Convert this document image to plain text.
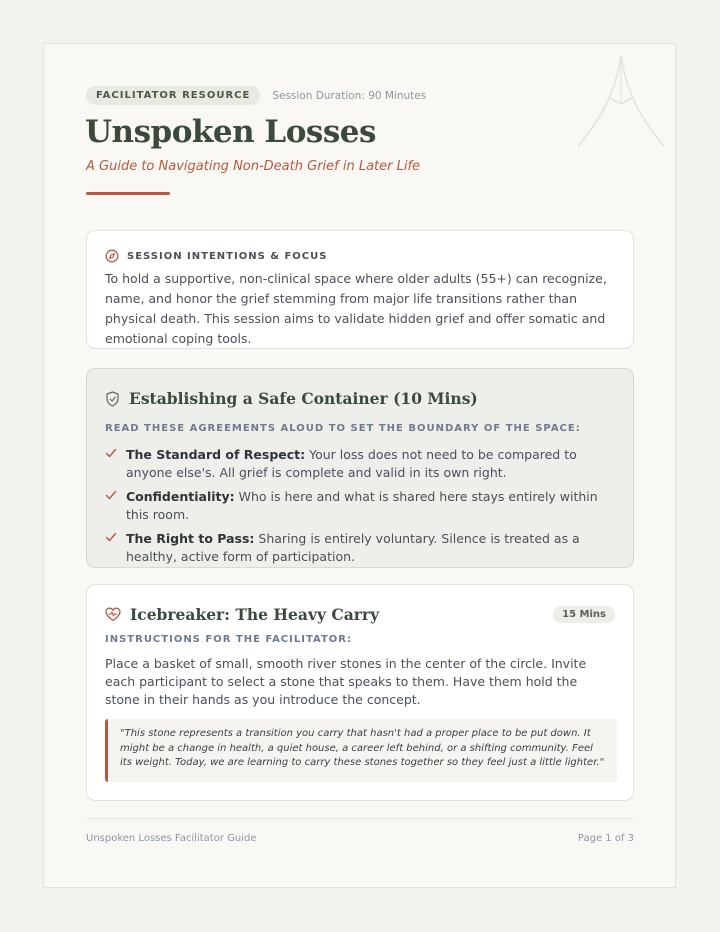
FACILITATOR RESOURCE	Session Duration: 90 Minutes
Unspoken Losses
A Guide to Navigating Non-Death Grief in Later Life
SESSION INTENTIONS & FOCUS
To hold a supportive, non-clinical space where older adults (55+) can recognize, name, and honor the grief stemming from major life transitions rather than physical death. This session aims to validate hidden grief and offer somatic and emotional coping tools.
Establishing a Safe Container (10 Mins)
READ THESE AGREEMENTS ALOUD TO SET THE BOUNDARY OF THE SPACE:
The Standard of Respect: Your loss does not need to be compared to anyone else's. All grief is complete and valid in its own right.
Confidentiality: Who is here and what is shared here stays entirely within this room.
The Right to Pass: Sharing is entirely voluntary. Silence is treated as a healthy, active form of participation.
Icebreaker: The Heavy Carry	15 Mins
INSTRUCTIONS FOR THE FACILITATOR:
Place a basket of small, smooth river stones in the center of the circle. Invite each participant to select a stone that speaks to them. Have them hold the stone in their hands as you introduce the concept.
"This stone represents a transition you carry that hasn't had a proper place to be put down. It might be a change in health, a quiet house, a career left behind, or a shifting community. Feel its weight. Today, we are learning to carry these stones together so they feel just a little lighter."
Unspoken Losses Facilitator Guide	Page 1 of 3
